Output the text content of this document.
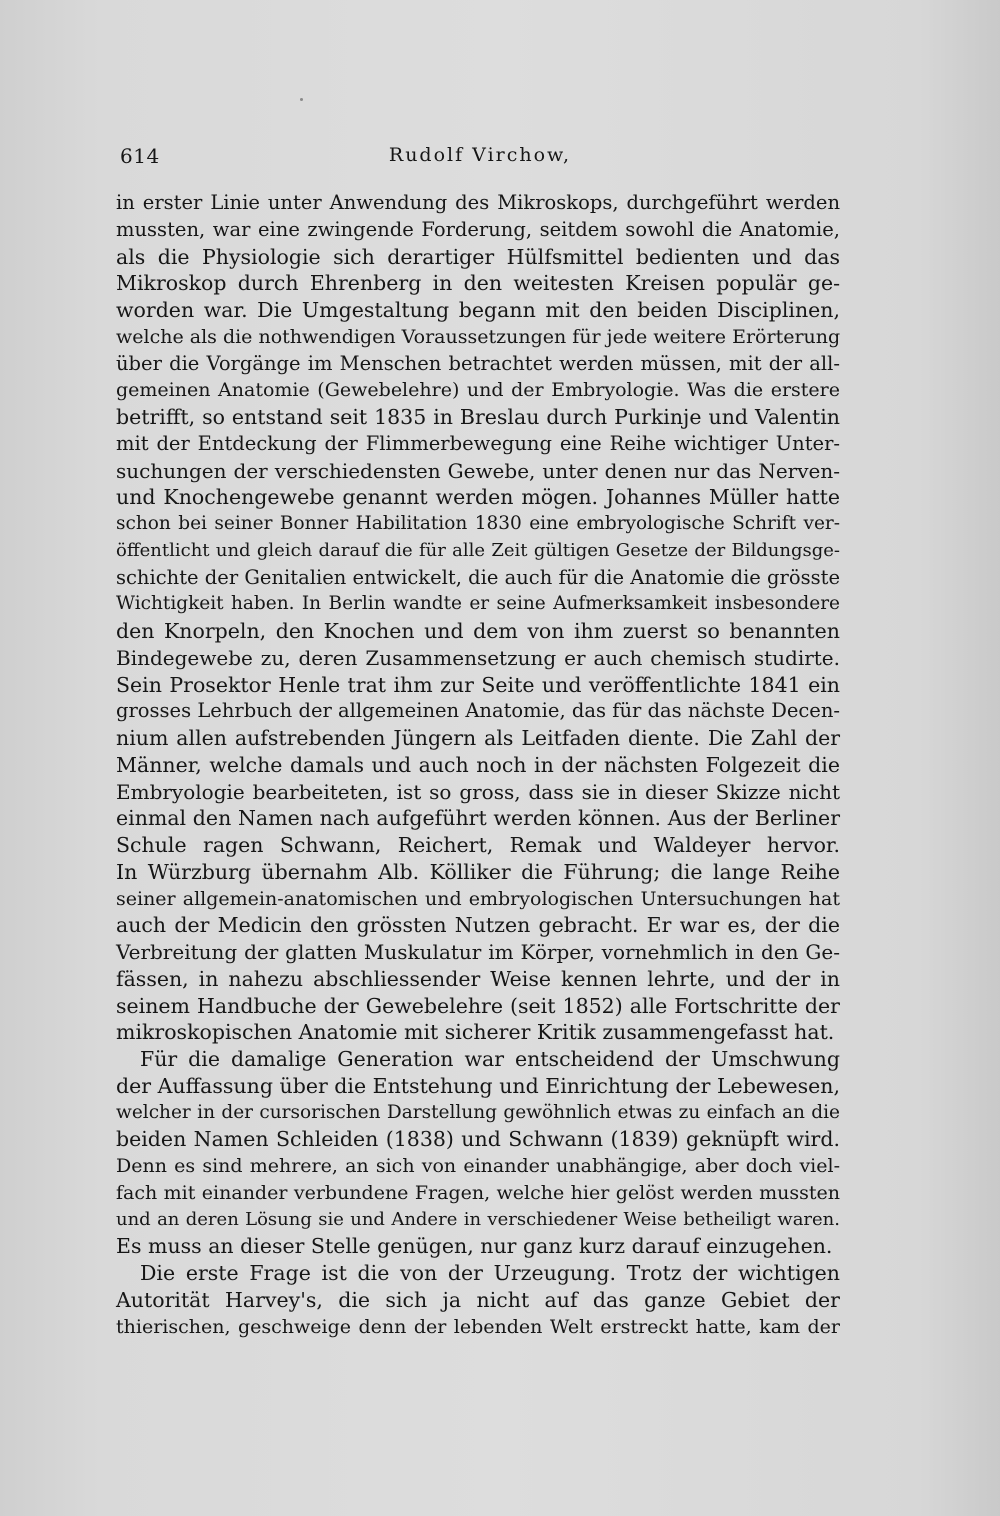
614	Rudolf Virchow,
in erster Linie unter Anwendung des Mikroskops, durchgeführt werden
mussten, war eine zwingende Forderung, seitdem sowohl die Anatomie,
als die Physiologie sich derartiger Hülfsmittel bedienten und das
Mikroskop durch Ehrenberg in den weitesten Kreisen populär ge-
worden war. Die Umgestaltung begann mit den beiden Disciplinen,
welche als die nothwendigen Voraussetzungen für jede weitere Erörterung
über die Vorgänge im Menschen betrachtet werden müssen, mit der all-
gemeinen Anatomie (Gewebelehre) und der Embryologie. Was die erstere
betrifft, so entstand seit 1835 in Breslau durch Purkinje und Valentin
mit der Entdeckung der Flimmerbewegung eine Reihe wichtiger Unter-
suchungen der verschiedensten Gewebe, unter denen nur das Nerven-
und Knochengewebe genannt werden mögen. Johannes Müller hatte
schon bei seiner Bonner Habilitation 1830 eine embryologische Schrift ver-
öffentlicht und gleich darauf die für alle Zeit gültigen Gesetze der Bildungsge-
schichte der Genitalien entwickelt, die auch für die Anatomie die grösste
Wichtigkeit haben. In Berlin wandte er seine Aufmerksamkeit insbesondere
den Knorpeln, den Knochen und dem von ihm zuerst so benannten
Bindegewebe zu, deren Zusammensetzung er auch chemisch studirte.
Sein Prosektor Henle trat ihm zur Seite und veröffentlichte 1841 ein
grosses Lehrbuch der allgemeinen Anatomie, das für das nächste Decen-
nium allen aufstrebenden Jüngern als Leitfaden diente. Die Zahl der
Männer, welche damals und auch noch in der nächsten Folgezeit die
Embryologie bearbeiteten, ist so gross, dass sie in dieser Skizze nicht
einmal den Namen nach aufgeführt werden können. Aus der Berliner
Schule ragen Schwann, Reichert, Remak und Waldeyer hervor.
In Würzburg übernahm Alb. Kölliker die Führung; die lange Reihe
seiner allgemein-anatomischen und embryologischen Untersuchungen hat
auch der Medicin den grössten Nutzen gebracht. Er war es, der die
Verbreitung der glatten Muskulatur im Körper, vornehmlich in den Ge-
fässen, in nahezu abschliessender Weise kennen lehrte, und der in
seinem Handbuche der Gewebelehre (seit 1852) alle Fortschritte der
mikroskopischen Anatomie mit sicherer Kritik zusammengefasst hat.
Für die damalige Generation war entscheidend der Umschwung
der Auffassung über die Entstehung und Einrichtung der Lebewesen,
welcher in der cursorischen Darstellung gewöhnlich etwas zu einfach an die
beiden Namen Schleiden (1838) und Schwann (1839) geknüpft wird.
Denn es sind mehrere, an sich von einander unabhängige, aber doch viel-
fach mit einander verbundene Fragen, welche hier gelöst werden mussten
und an deren Lösung sie und Andere in verschiedener Weise betheiligt waren.
Es muss an dieser Stelle genügen, nur ganz kurz darauf einzugehen.
Die erste Frage ist die von der Urzeugung. Trotz der wichtigen
Autorität Harvey's, die sich ja nicht auf das ganze Gebiet der
thierischen, geschweige denn der lebenden Welt erstreckt hatte, kam der
